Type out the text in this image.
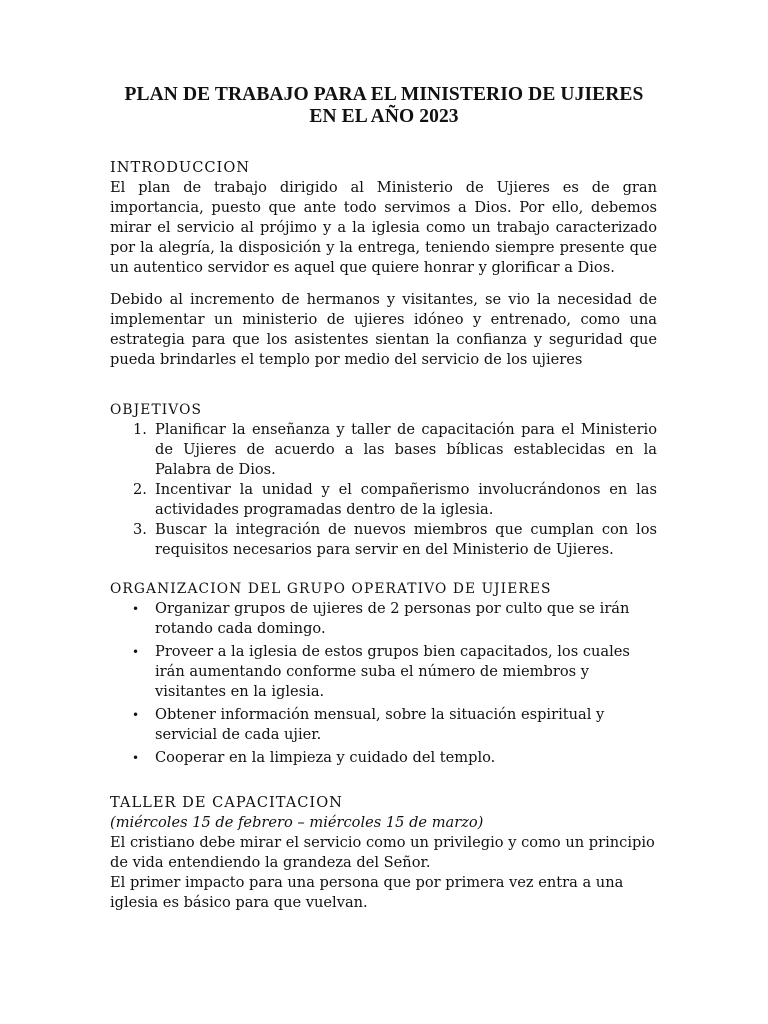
PLAN DE TRABAJO PARA EL MINISTERIO DE UJIERES
EN EL AÑO 2023
INTRODUCCION

El plan de trabajo dirigido al Ministerio de Ujieres es de gran importancia, puesto que ante todo servimos a Dios. Por ello, debemos mirar el servicio al prójimo y a la iglesia como un trabajo caracterizado por la alegría, la disposición y la entrega, teniendo siempre presente que un autentico servidor es aquel que quiere honrar y glorificar a Dios.

Debido al incremento de hermanos y visitantes, se vio la necesidad de implementar un ministerio de ujieres idóneo y entrenado, como una estrategia para que los asistentes sientan la confianza y seguridad que pueda brindarles el templo por medio del servicio de los ujieres

OBJETIVOS
1. Planificar la enseñanza y taller de capacitación para el Ministerio de Ujieres de acuerdo a las bases bíblicas establecidas en la Palabra de Dios.
2. Incentivar la unidad y el compañerismo involucrándonos en las actividades programadas dentro de la iglesia.
3. Buscar la integración de nuevos miembros que cumplan con los requisitos necesarios para servir en del Ministerio de Ujieres.
ORGANIZACION DEL GRUPO OPERATIVO DE UJIERES
• Organizar grupos de ujieres de 2 personas por culto que se irán rotando cada domingo.
• Proveer a la iglesia de estos grupos bien capacitados, los cuales irán aumentando conforme suba el número de miembros y visitantes en la iglesia.
• Obtener información mensual, sobre la situación espiritual y servicial de cada ujier.
• Cooperar en la limpieza y cuidado del templo.
TALLER DE CAPACITACION
(miércoles 15 de febrero – miércoles 15 de marzo)

El cristiano debe mirar el servicio como un privilegio y como un principio de vida entendiendo la grandeza del Señor.

El primer impacto para una persona que por primera vez entra a una iglesia es básico para que vuelvan.
